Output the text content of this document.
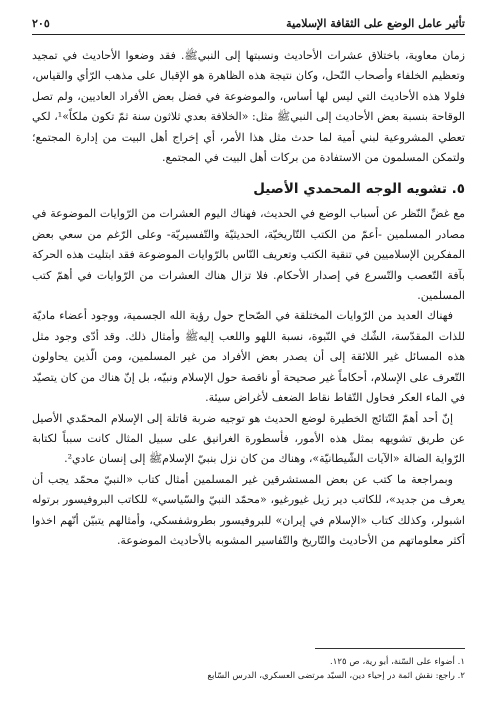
تأثير عامل الوضع على الثقافة الإسلامية
٢٠٥

زمان معاوية، باختلاق عشرات الأحاديث ونسبتها إلى النبيﷺ. فقد وضعوا الأحاديث في تمجيد وتعظيم الخلفاء وأصحاب النّحل، وكان نتيجة هذه الظاهرة هو الإقبال على مذهب الرّأي والقياس، فلولا هذه الأحاديث التي ليس لها أساس، والموضوعة في فضل بعض الأفراد العاديين، ولم تصل الوقاحة بنسبة بعض الأحاديث إلى النبيﷺ مثل: «الخلافة بعدي ثلاثون سنة ثمّ تكون ملكاً»¹، لكي تعطي المشروعية لبني أمية لما حدث مثل هذا الأمر، أي إخراج أهل البيت من إدارة المجتمع؛ ولتمكن المسلمون من الاستفادة من بركات أهل البيت في المجتمع.

٥. تشويه الوجه المحمدي الأصيل

مع غضِّ النّظر عن أسباب الوضع في الحديث، فهناك اليوم العشرات من الرّوايات الموضوعة في مصادر المسلمين -أعمّ من الكتب التّاريخيّة، الحديثيّة والتّفسيريّة- وعلى الرّغم من سعي بعض المفكرين الإسلاميين في تنقية الكتب وتعريف النّاس بالرّوايات الموضوعة فقد ابتليت هذه الحركة بآفة التّعصب والتّسرع في إصدار الأحكام. فلا تزال هناك العشرات من الرّوايات في أهمّ كتب المسلمين.

فهناك العديد من الرّوايات المختلقة في الصّحاح حول رؤية الله الجسمية، ووجود أعضاء ماديّة للذات المقدّسة، الشّك في النّبوة، نسبة اللهو واللعب إليهﷺ وأمثال ذلك. وقد أدّى وجود مثل هذه المسائل غير اللائقة إلى أن يصدر بعض الأفراد من غير المسلمين، ومن الّذين يحاولون التّعرف على الإسلام، أحكاماً غير صحيحة أو ناقصة حول الإسلام ونبيّه، بل إنّ هناك من كان يتصيّد في الماء العكر فحاول التّقاط نقاط الضعف لأغراض سيئة.

إنّ أحد أهمّ النّتائج الخطيرة لوضع الحديث هو توجيه ضربة قاتلة إلى الإسلام المحمّدي الأصيل عن طريق تشويهه بمثل هذه الأمور، فأسطورة الغرانيق على سبيل المثال كانت سبباً لكتابة الرّواية الضالة «الآيات الشّيطانيّة»، وهناك من كان نزل بنبيّ الإسلامﷺ إلى إنسان عادي².

وبمراجعة ما كتب عن بعض المستشرقين غير المسلمين أمثال كتاب «النبيّ محمّد يجب أن يعرف من جديد»، للكاتب دير زيل غيورغيو، «محمّد النبيّ والسّياسي» للكاتب البروفيسور برتوله اشبولر، وكذلك كتاب «الإسلام في إيران» للبروفيسور بطروشفسكي، وأمثالهم يتبيّن أنّهم اخذوا أكثر معلوماتهم من الأحاديث والتّاريخ والتّفاسير المشوبه بالأحاديث الموضوعة.

١. أضواء على السّنة، أبو رية، ص ١٢٥.

٢. راجع: نقش ائمة در إحياء دين، السيّد مرتضى العسكري، الدرس السّابع
